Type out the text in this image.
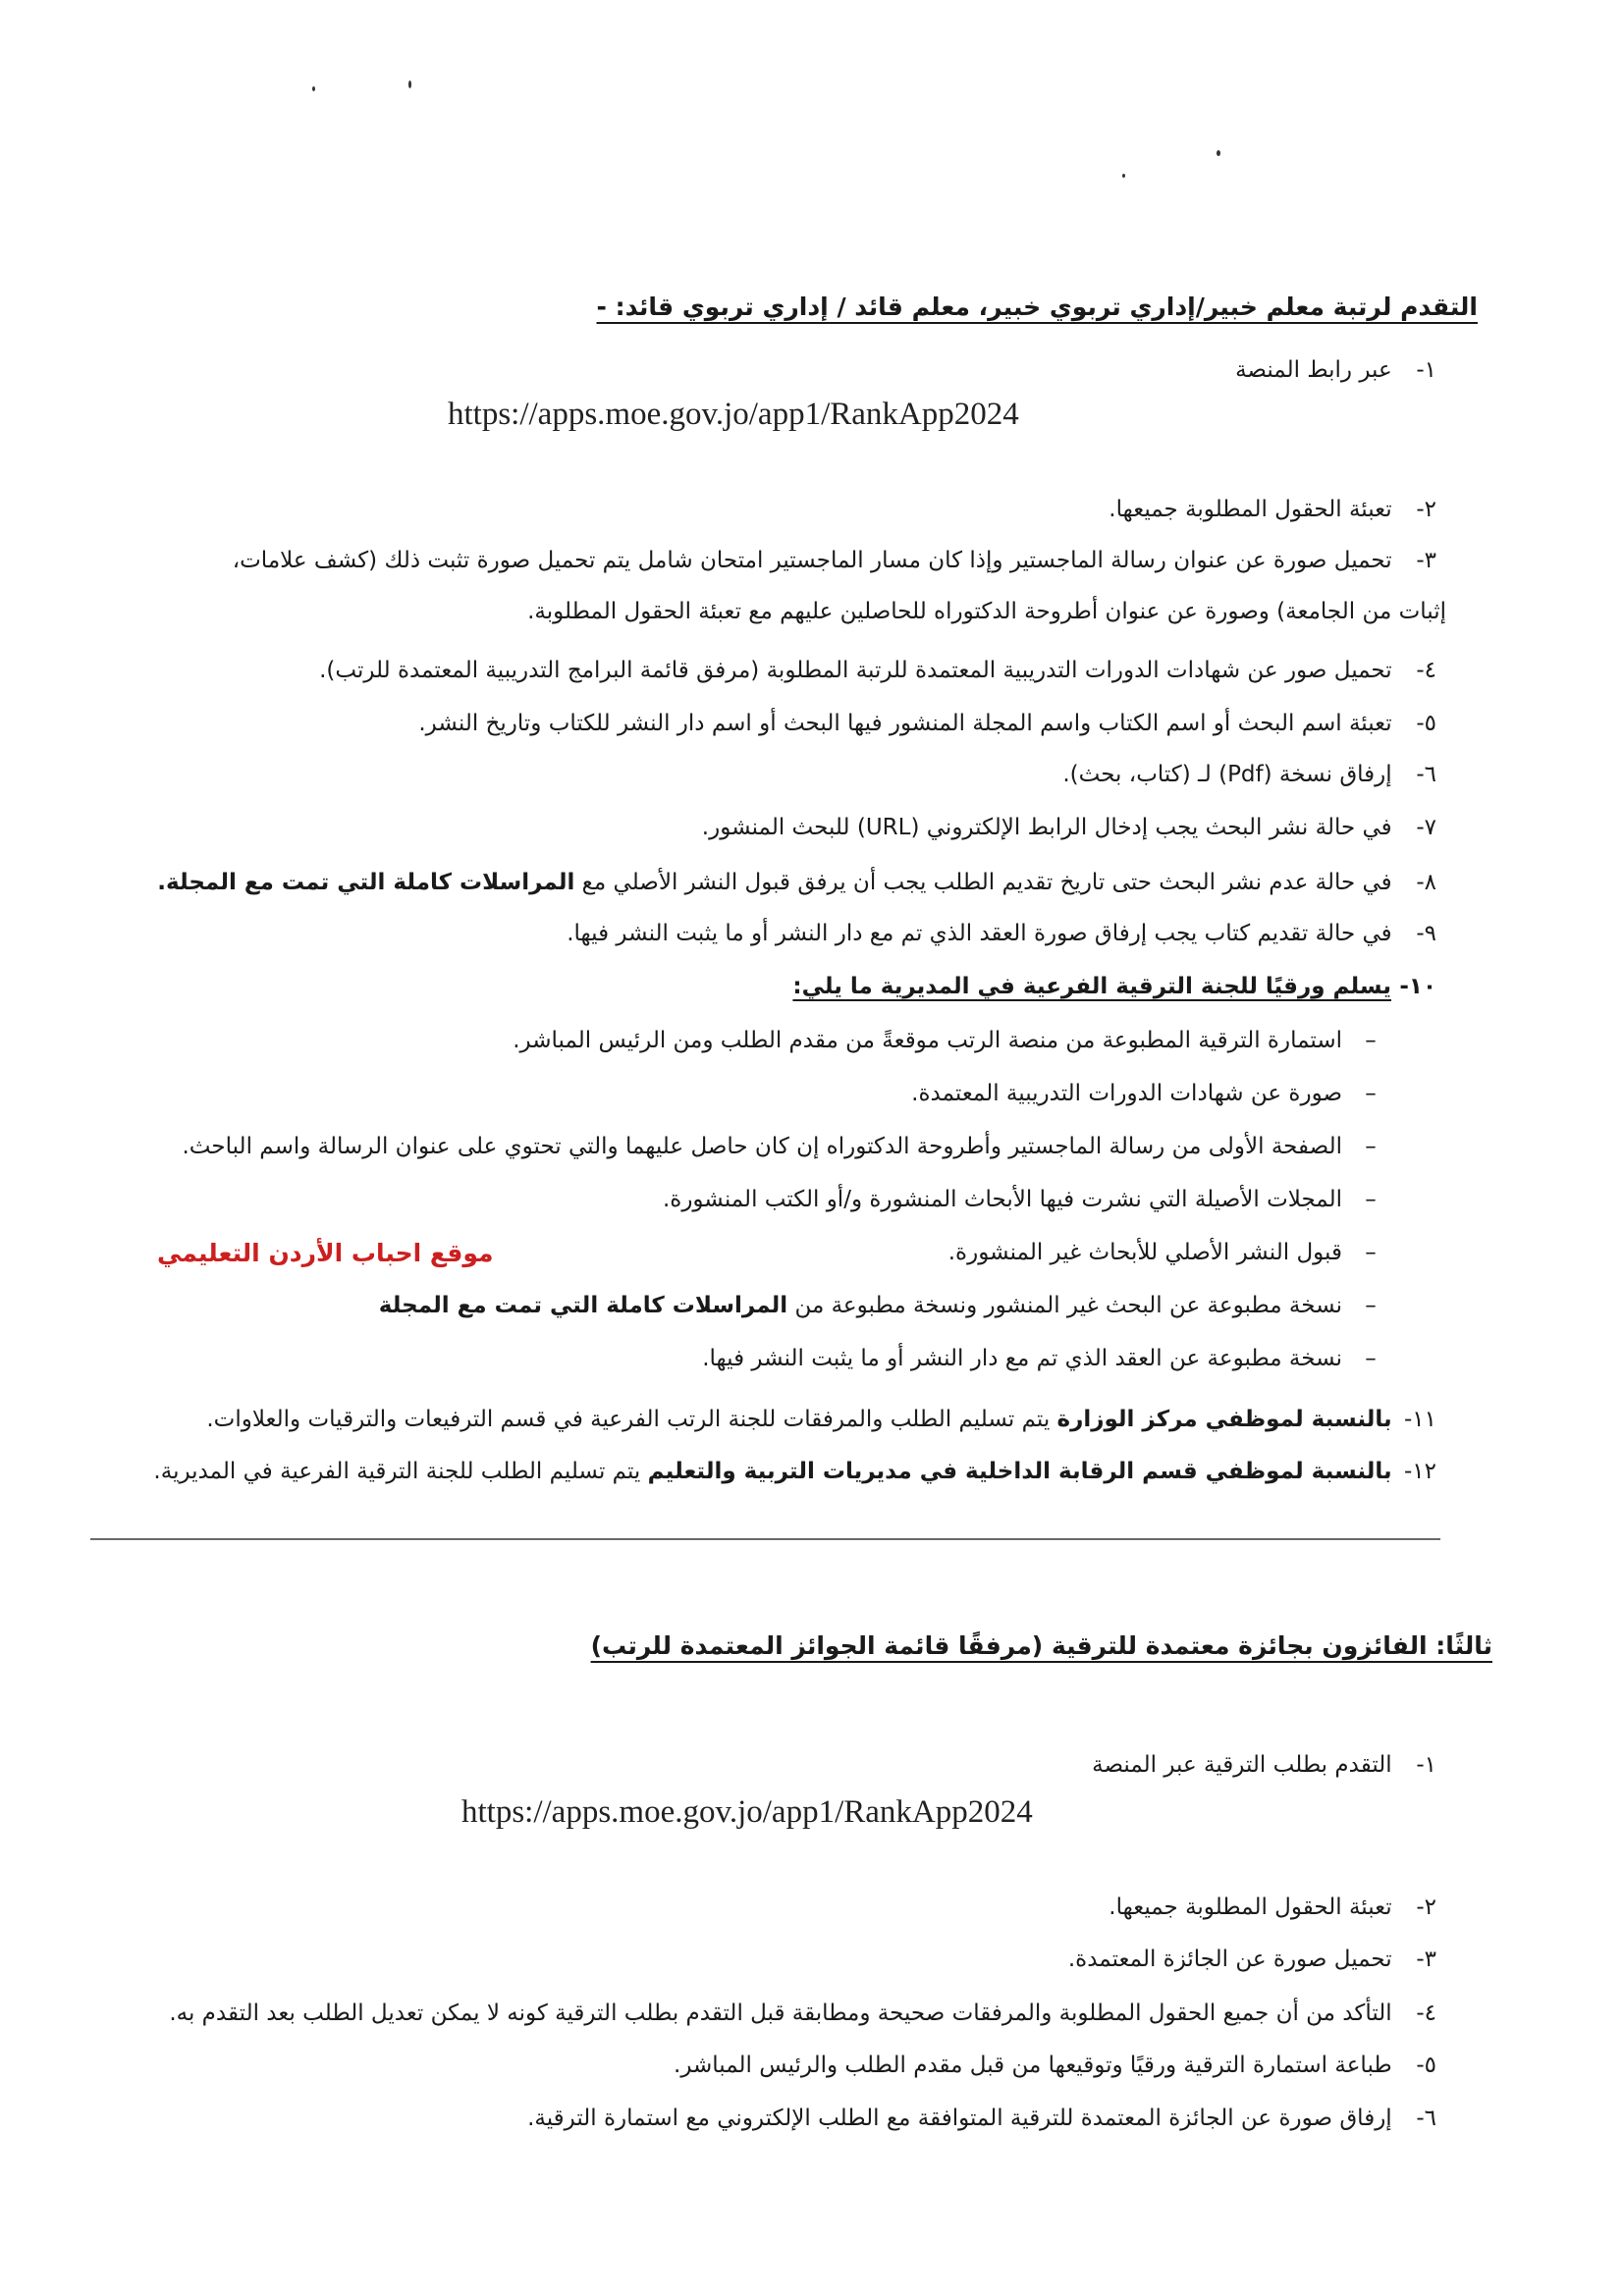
التقدم لرتبة معلم خبير/إداري تربوي خبير، معلم قائد / إداري تربوي قائد: -
١- عبر رابط المنصة
https://apps.moe.gov.jo/app1/RankApp2024
٢- تعبئة الحقول المطلوبة جميعها.
٣- تحميل صورة عن عنوان رسالة الماجستير وإذا كان مسار الماجستير امتحان شامل يتم تحميل صورة تثبت ذلك (كشف علامات،
إثبات من الجامعة) وصورة عن عنوان أطروحة الدكتوراه للحاصلين عليهم مع تعبئة الحقول المطلوبة.
٤- تحميل صور عن شهادات الدورات التدريبية المعتمدة للرتبة المطلوبة (مرفق قائمة البرامج التدريبية المعتمدة للرتب).
٥- تعبئة اسم البحث أو اسم الكتاب واسم المجلة المنشور فيها البحث أو اسم دار النشر للكتاب وتاريخ النشر.
٦- إرفاق نسخة (Pdf) لـ (كتاب، بحث).
٧- في حالة نشر البحث يجب إدخال الرابط الإلكتروني (URL) للبحث المنشور.
٨- في حالة عدم نشر البحث حتى تاريخ تقديم الطلب يجب أن يرفق قبول النشر الأصلي مع المراسلات كاملة التي تمت مع المجلة.
٩- في حالة تقديم كتاب يجب إرفاق صورة العقد الذي تم مع دار النشر أو ما يثبت النشر فيها.
١٠- يسلم ورقيًا للجنة الترقية الفرعية في المديرية ما يلي:
–استمارة الترقية المطبوعة من منصة الرتب موقعةً من مقدم الطلب ومن الرئيس المباشر.
–صورة عن شهادات الدورات التدريبية المعتمدة.
–الصفحة الأولى من رسالة الماجستير وأطروحة الدكتوراه إن كان حاصل عليهما والتي تحتوي على عنوان الرسالة واسم الباحث.
–المجلات الأصيلة التي نشرت فيها الأبحاث المنشورة و/أو الكتب المنشورة.
–قبول النشر الأصلي للأبحاث غير المنشورة.
–نسخة مطبوعة عن البحث غير المنشور ونسخة مطبوعة من المراسلات كاملة التي تمت مع المجلة
–نسخة مطبوعة عن العقد الذي تم مع دار النشر أو ما يثبت النشر فيها.
موقع احباب الأردن التعليمي
١١- بالنسبة لموظفي مركز الوزارة يتم تسليم الطلب والمرفقات للجنة الرتب الفرعية في قسم الترفيعات والترقيات والعلاوات.
١٢- بالنسبة لموظفي قسم الرقابة الداخلية في مديريات التربية والتعليم يتم تسليم الطلب للجنة الترقية الفرعية في المديرية.
ثالثًا: الفائزون بجائزة معتمدة للترقية (مرفقًا قائمة الجوائز المعتمدة للرتب)
١- التقدم بطلب الترقية عبر المنصة
https://apps.moe.gov.jo/app1/RankApp2024
٢- تعبئة الحقول المطلوبة جميعها.
٣- تحميل صورة عن الجائزة المعتمدة.
٤- التأكد من أن جميع الحقول المطلوبة والمرفقات صحيحة ومطابقة قبل التقدم بطلب الترقية كونه لا يمكن تعديل الطلب بعد التقدم به.
٥- طباعة استمارة الترقية ورقيًا وتوقيعها من قبل مقدم الطلب والرئيس المباشر.
٦- إرفاق صورة عن الجائزة المعتمدة للترقية المتوافقة مع الطلب الإلكتروني مع استمارة الترقية.
